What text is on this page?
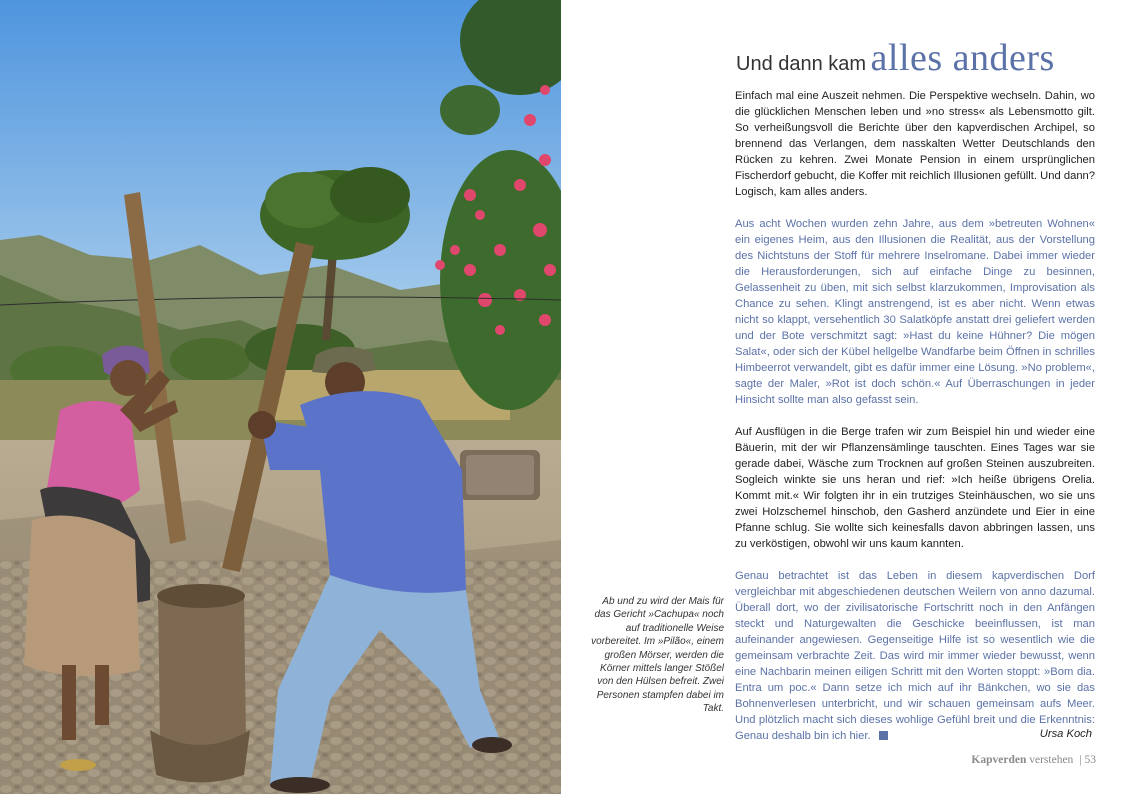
Und dann kam alles anders

Einfach mal eine Auszeit nehmen. Die Perspektive wechseln. Dahin, wo die glücklichen Menschen leben und »no stress« als Lebensmotto gilt. So verheißungsvoll die Berichte über den kapverdischen Archipel, so brennend das Verlangen, dem nasskalten Wetter Deutschlands den Rücken zu kehren. Zwei Monate Pension in einem ursprünglichen Fischerdorf gebucht, die Koffer mit reichlich Illusionen gefüllt. Und dann? Logisch, kam alles anders.

Aus acht Wochen wurden zehn Jahre, aus dem »betreuten Wohnen« ein eigenes Heim, aus den Illusionen die Realität, aus der Vorstellung des Nichtstuns der Stoff für mehrere Inselromane. Dabei immer wieder die Herausforderungen, sich auf einfache Dinge zu besinnen, Gelassenheit zu üben, mit sich selbst klarzukommen, Improvisation als Chance zu sehen. Klingt anstrengend, ist es aber nicht. Wenn etwas nicht so klappt, versehentlich 30 Salatköpfe anstatt drei geliefert werden und der Bote verschmitzt sagt: »Hast du keine Hühner? Die mögen Salat«, oder sich der Kübel hellgelbe Wandfarbe beim Öffnen in schrilles Himbeerrot verwandelt, gibt es dafür immer eine Lösung. »No problem«, sagte der Maler, »Rot ist doch schön.« Auf Überraschungen in jeder Hinsicht sollte man also gefasst sein.

Auf Ausflügen in die Berge trafen wir zum Beispiel hin und wieder eine Bäuerin, mit der wir Pflanzensämlinge tauschten. Eines Tages war sie gerade dabei, Wäsche zum Trocknen auf großen Steinen auszubreiten. Sogleich winkte sie uns heran und rief: »Ich heiße übrigens Orelia. Kommt mit.« Wir folgten ihr in ein trutziges Steinhäuschen, wo sie uns zwei Holzschemel hinschob, den Gasherd anzündete und Eier in eine Pfanne schlug. Sie wollte sich keinesfalls davon abbringen lassen, uns zu verköstigen, obwohl wir uns kaum kannten.

Genau betrachtet ist das Leben in diesem kapverdischen Dorf vergleichbar mit abgeschiedenen deutschen Weilern von anno dazumal. Überall dort, wo der zivilisatorische Fortschritt noch in den Anfängen steckt und Naturgewalten die Geschicke beeinflussen, ist man aufeinander angewiesen. Gegenseitige Hilfe ist so wesentlich wie die gemeinsam verbrachte Zeit. Das wird mir immer wieder bewusst, wenn eine Nachbarin meinen eiligen Schritt mit den Worten stoppt: »Bom dia. Entra um poc.« Dann setze ich mich auf ihr Bänkchen, wo sie das Bohnenverlesen unterbricht, und wir schauen gemeinsam aufs Meer. Und plötzlich macht sich dieses wohlige Gefühl breit und die Erkenntnis: Genau deshalb bin ich hier.	Ursa Koch

Ab und zu wird der Mais für das Gericht »Cachupa« noch auf traditionelle Weise vorbereitet. Im »Pilão«, einem großen Mörser, werden die Körner mittels langer Stößel von den Hülsen befreit. Zwei Personen stampfen dabei im Takt.

Kapverden verstehen | 53
